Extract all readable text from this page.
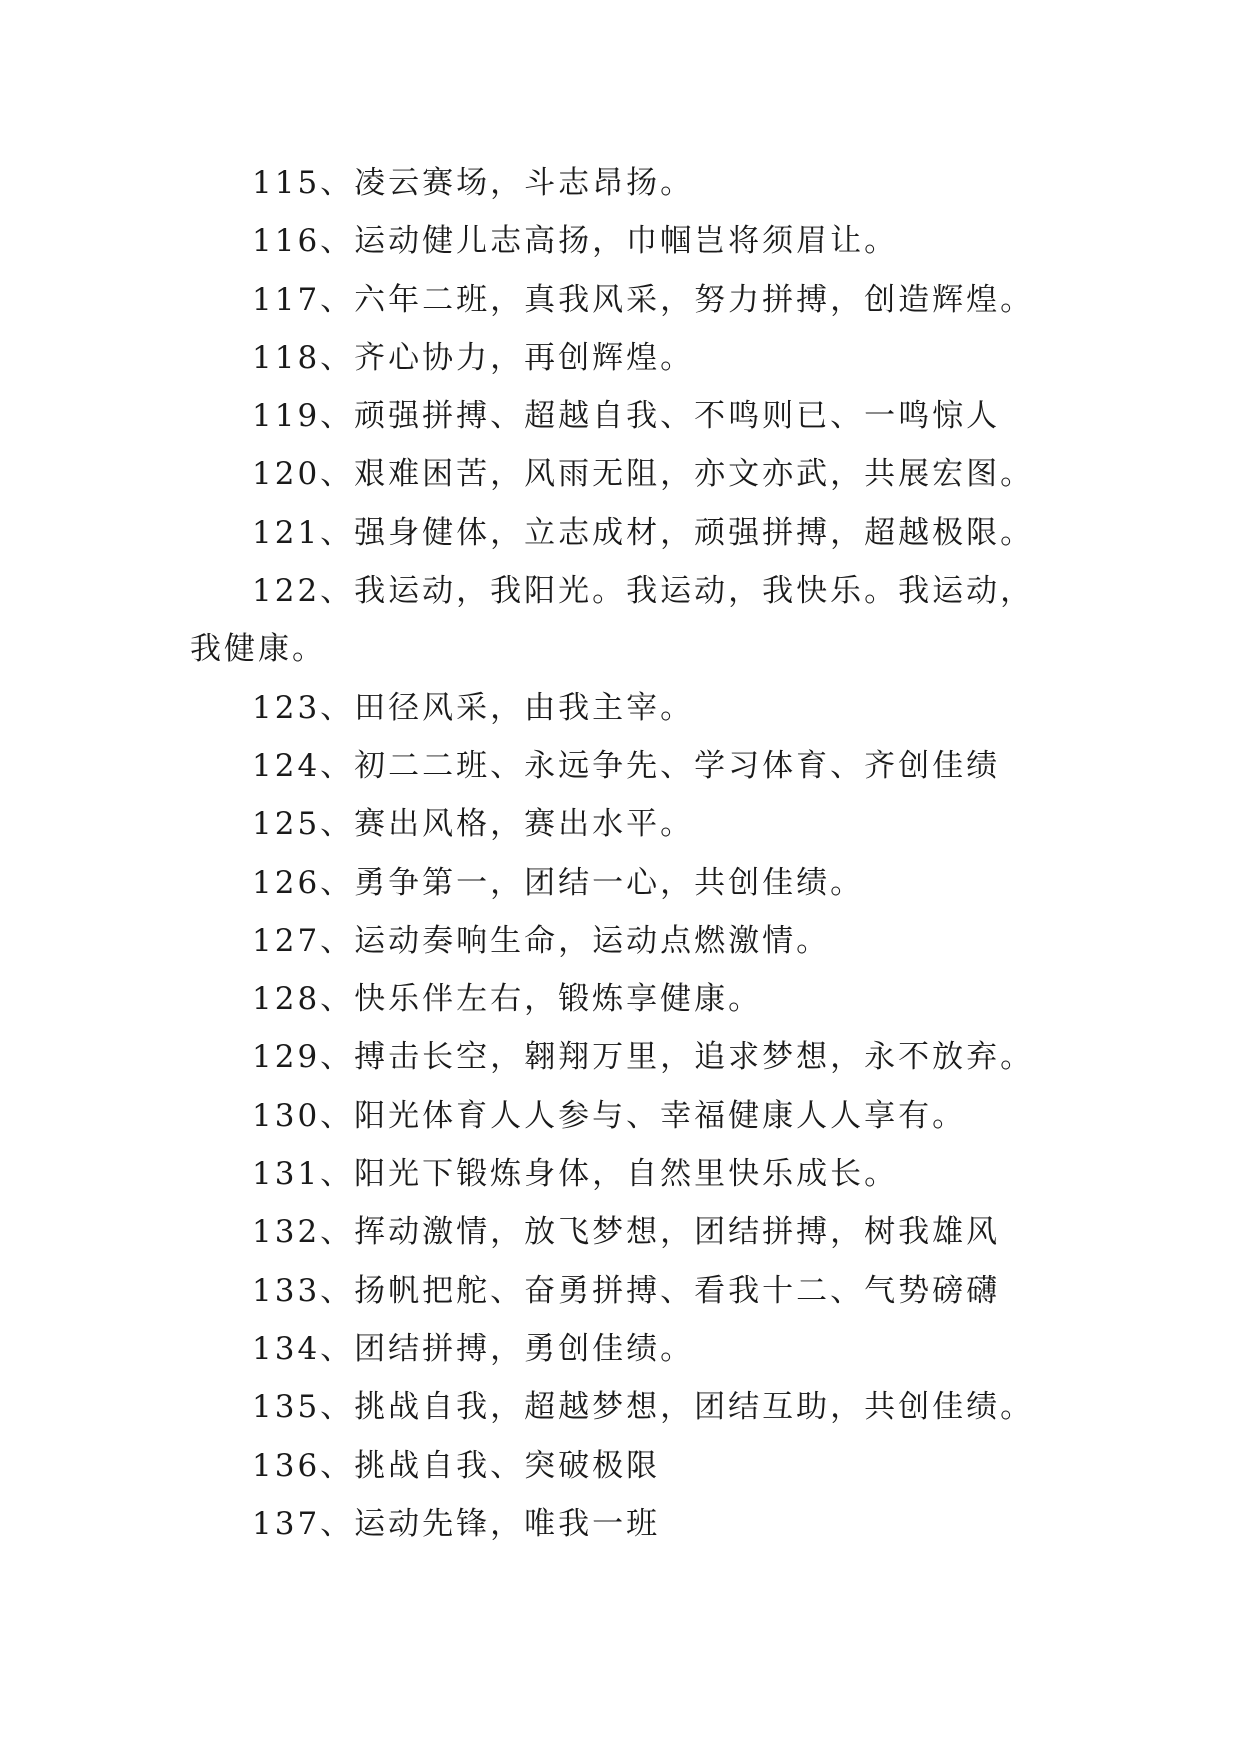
115、凌云赛场，斗志昂扬。

116、运动健儿志高扬，巾帼岂将须眉让。

117、六年二班，真我风采，努力拼搏，创造辉煌。

118、齐心协力，再创辉煌。

119、顽强拼搏、超越自我、不鸣则已、一鸣惊人

120、艰难困苦，风雨无阻，亦文亦武，共展宏图。

121、强身健体，立志成材，顽强拼搏，超越极限。

122、我运动，我阳光。我运动，我快乐。我运动，我健康。

123、田径风采，由我主宰。

124、初二二班、永远争先、学习体育、齐创佳绩

125、赛出风格，赛出水平。

126、勇争第一，团结一心，共创佳绩。

127、运动奏响生命，运动点燃激情。

128、快乐伴左右，锻炼享健康。

129、搏击长空，翱翔万里，追求梦想，永不放弃。

130、阳光体育人人参与、幸福健康人人享有。

131、阳光下锻炼身体，自然里快乐成长。

132、挥动激情，放飞梦想，团结拼搏，树我雄风

133、扬帆把舵、奋勇拼搏、看我十二、气势磅礴

134、团结拼搏，勇创佳绩。

135、挑战自我，超越梦想，团结互助，共创佳绩。

136、挑战自我、突破极限

137、运动先锋，唯我一班
